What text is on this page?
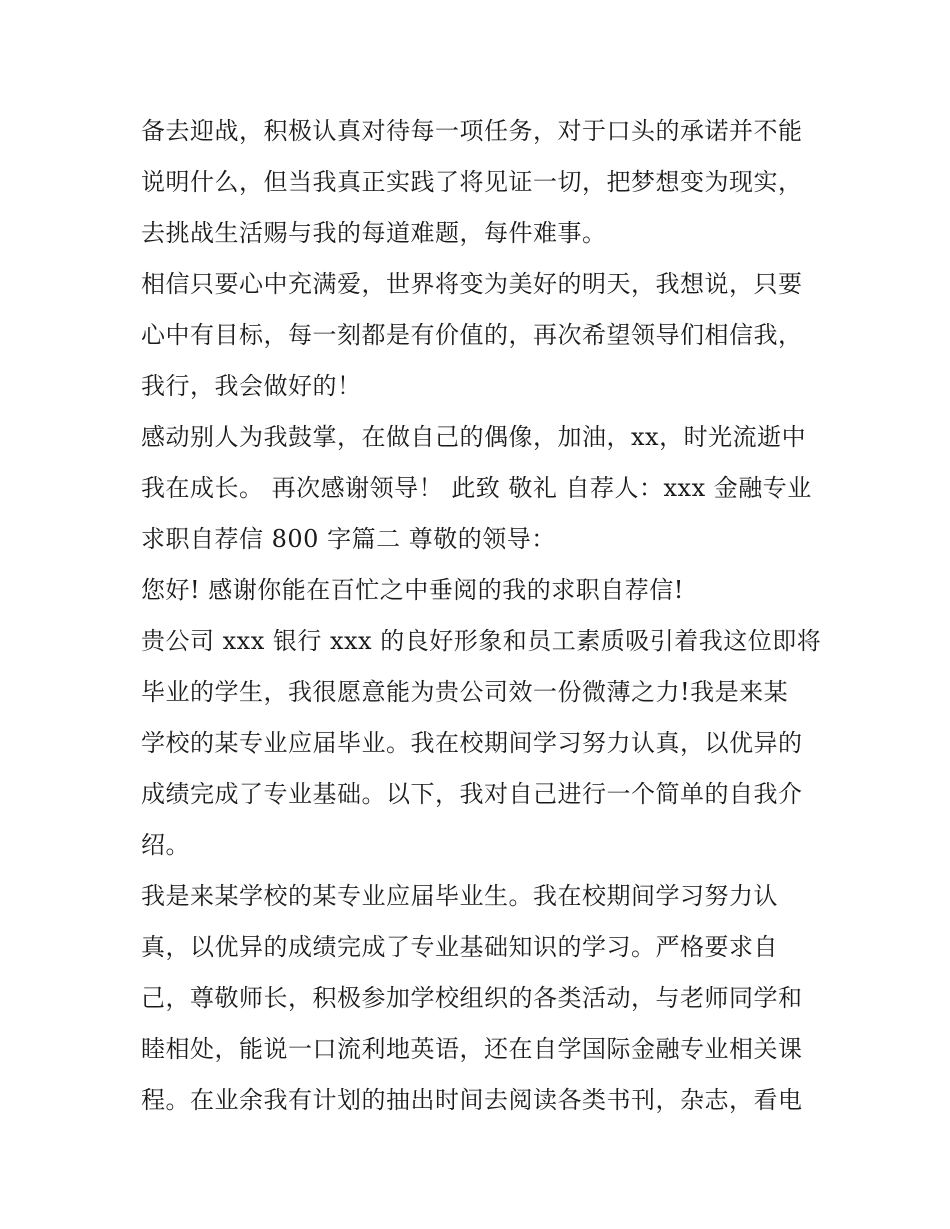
备去迎战，积极认真对待每一项任务，对于口头的承诺并不能
说明什么，但当我真正实践了将见证一切，把梦想变为现实，
去挑战生活赐与我的每道难题，每件难事。
相信只要心中充满爱，世界将变为美好的明天，我想说，只要
心中有目标，每一刻都是有价值的，再次希望领导们相信我，
我行，我会做好的！
感动别人为我鼓掌，在做自己的偶像，加油，xx，时光流逝中
我在成长。 再次感谢领导！ 此致 敬礼 自荐人：xxx 金融专业
求职自荐信 800 字篇二 尊敬的领导：
您好! 感谢你能在百忙之中垂阅的我的求职自荐信!
贵公司 xxx 银行 xxx 的良好形象和员工素质吸引着我这位即将
毕业的学生，我很愿意能为贵公司效一份微薄之力!我是来某
学校的某专业应届毕业。我在校期间学习努力认真，以优异的
成绩完成了专业基础。以下，我对自己进行一个简单的自我介
绍。
我是来某学校的某专业应届毕业生。我在校期间学习努力认
真，以优异的成绩完成了专业基础知识的学习。严格要求自
己，尊敬师长，积极参加学校组织的各类活动，与老师同学和
睦相处，能说一口流利地英语，还在自学国际金融专业相关课
程。在业余我有计划的抽出时间去阅读各类书刊，杂志，看电
